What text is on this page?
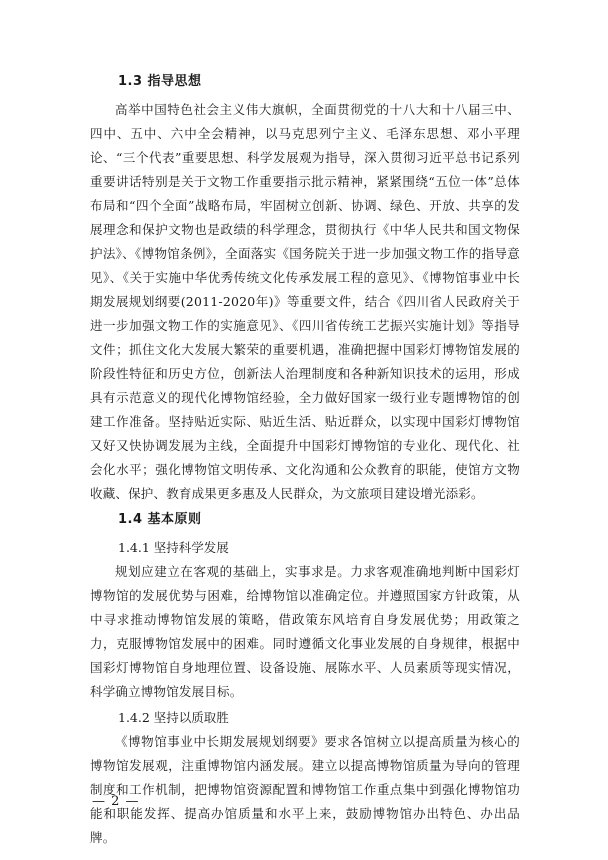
1.3 指导思想

高举中国特色社会主义伟大旗帜，全面贯彻党的十八大和十八届三中、四中、五中、六中全会精神，以马克思列宁主义、毛泽东思想、邓小平理论、“三个代表”重要思想、科学发展观为指导，深入贯彻习近平总书记系列重要讲话特别是关于文物工作重要指示批示精神，紧紧围绕“五位一体”总体布局和“四个全面”战略布局，牢固树立创新、协调、绿色、开放、共享的发展理念和保护文物也是政绩的科学理念，贯彻执行《中华人民共和国文物保护法》、《博物馆条例》，全面落实《国务院关于进一步加强文物工作的指导意见》、《关于实施中华优秀传统文化传承发展工程的意见》、《博物馆事业中长期发展规划纲要(2011-2020年)》等重要文件，结合《四川省人民政府关于进一步加强文物工作的实施意见》、《四川省传统工艺振兴实施计划》等指导文件；抓住文化大发展大繁荣的重要机遇，准确把握中国彩灯博物馆发展的阶段性特征和历史方位，创新法人治理制度和各种新知识技术的运用，形成具有示范意义的现代化博物馆经验，全力做好国家一级行业专题博物馆的创建工作准备。坚持贴近实际、贴近生活、贴近群众，以实现中国彩灯博物馆又好又快协调发展为主线，全面提升中国彩灯博物馆的专业化、现代化、社会化水平；强化博物馆文明传承、文化沟通和公众教育的职能，使馆方文物收藏、保护、教育成果更多惠及人民群众，为文旅项目建设增光添彩。

1.4 基本原则
1.4.1 坚持科学发展

规划应建立在客观的基础上，实事求是。力求客观准确地判断中国彩灯博物馆的发展优势与困难，给博物馆以准确定位。并遵照国家方针政策，从中寻求推动博物馆发展的策略，借政策东风培育自身发展优势；用政策之力，克服博物馆发展中的困难。同时遵循文化事业发展的自身规律，根据中国彩灯博物馆自身地理位置、设备设施、展陈水平、人员素质等现实情况，科学确立博物馆发展目标。

1.4.2 坚持以质取胜

《博物馆事业中长期发展规划纲要》要求各馆树立以提高质量为核心的博物馆发展观，注重博物馆内涵发展。建立以提高博物馆质量为导向的管理制度和工作机制，把博物馆资源配置和博物馆工作重点集中到强化博物馆功能和职能发挥、提高办馆质量和水平上来，鼓励博物馆办出特色、办出品牌。

— 2 —
